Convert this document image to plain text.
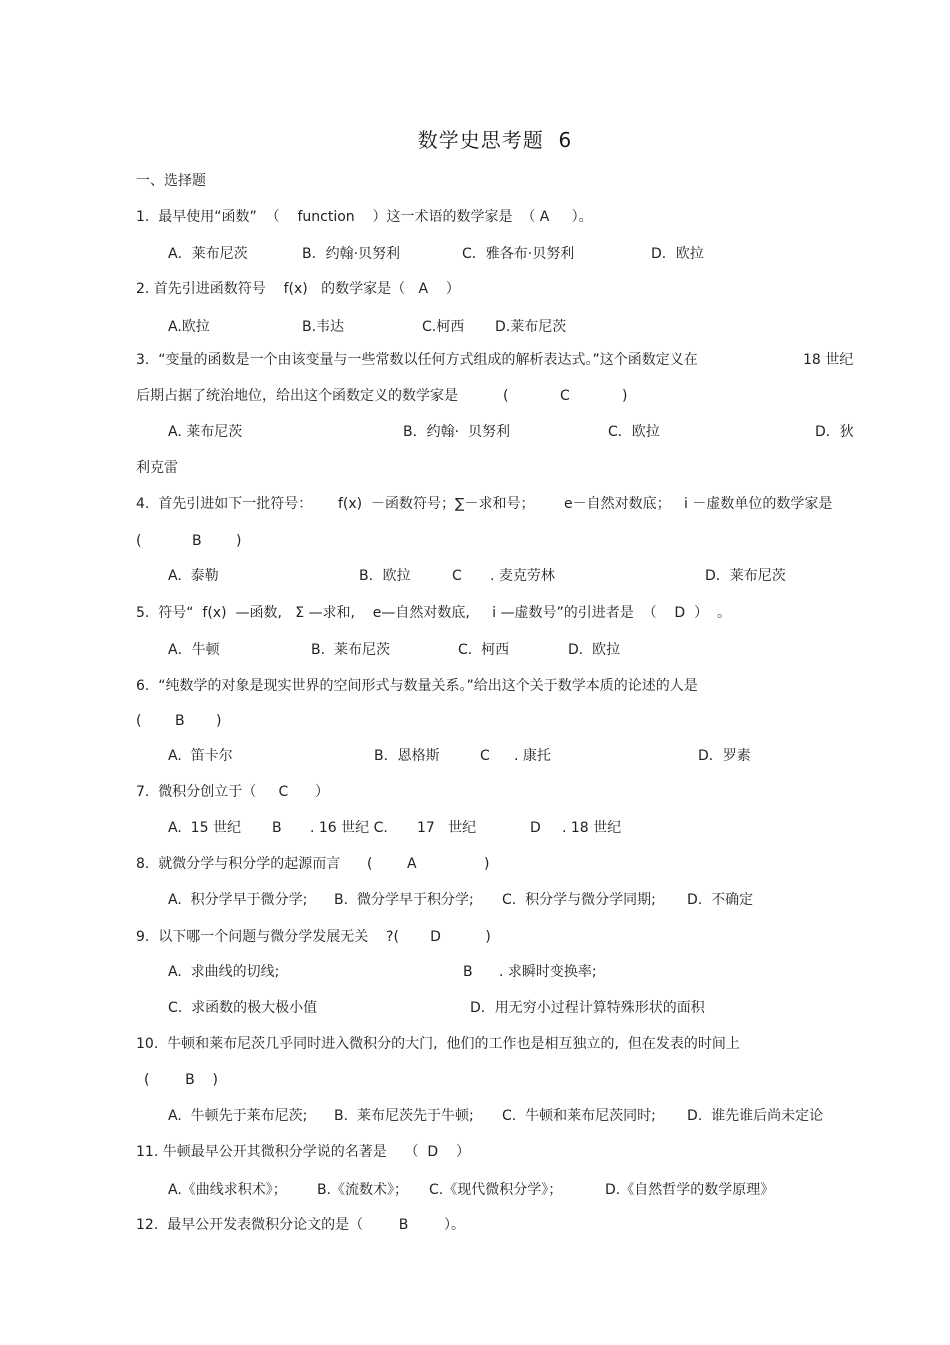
数学史思考题  6
一、选择题
1.  最早使用“函数”  （    function    ）这一术语的数学家是  （ A     ）。
A．莱布尼茨	B．约翰·贝努利	C．雅各布·贝努利	D．欧拉
2. 首先引进函数符号    f(x)   的数学家是（   A    ）
A.欧拉	B.韦达	C.柯西 D.莱布尼茨
3.  “变量的函数是一个由该变量与一些常数以任何方式组成的解析表达式。”这个函数定义在	18 世纪
后期占据了统治地位，给出这个函数定义的数学家是	(	C	)
A. 莱布尼茨	B．约翰·  贝努利	C．欧拉	D．狄
利克雷
4.  首先引进如下一批符号： f(x)  －函数符号；∑－求和号； e－自然对数底； i －虚数单位的数学家是
(	B )
A.  泰勒	B．欧拉	C . 麦克劳林	D．莱布尼茨
5.  符号“  f(x)  —函数,   Σ —求和,    e—自然对数底,     i —虚数号”的引进者是  （    D  ）  。
A．牛顿	B.  莱布尼茨	C.  柯西	D.  欧拉
6.  “纯数学的对象是现实世界的空间形式与数量关系。”给出这个关于数学本质的论述的人是
( B )
A.  笛卡尔	B．恩格斯	C . 康托	D．罗素
7.  微积分创立于（     C      ）
A.  15 世纪 B . 16 世纪 C. 17   世纪	D . 18 世纪
8.  就微分学与积分学的起源而言 ( A	)
A.  积分学早于微分学; B.  微分学早于积分学; C.  积分学与微分学同期; D.  不确定
9.  以下哪一个问题与微分学发展无关    ?(       D          )
A.  求曲线的切线;	B . 求瞬时变换率;
C.  求函数的极大极小值	D．用无穷小过程计算特殊形状的面积
10.  牛顿和莱布尼茨几乎同时进入微积分的大门,  他们的工作也是相互独立的,  但在发表的时间上
(        B    )
A.  牛顿先于莱布尼茨; B.  莱布尼茨先于牛顿; C.  牛顿和莱布尼茨同时; D.  谁先谁后尚未定论
11. 牛顿最早公开其微积分学说的名著是    （  D    ）
A.《曲线求积术》； B.《流数术》； C.《现代微积分学》；	D.《自然哲学的数学原理》
12.  最早公开发表微积分论文的是（        B        ）。
